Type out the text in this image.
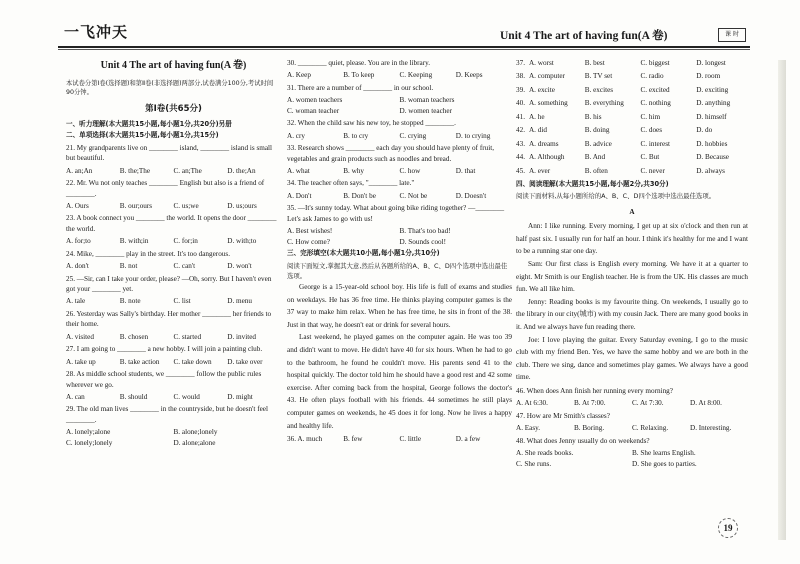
一飞冲天	Unit 4 The art of having fun(A 卷)	课 时
Unit 4 The art of having fun(A 卷)
本试卷分第Ⅰ卷(选择题)和第Ⅱ卷(非选择题)两部分,试卷满分100分,考试时间90分钟。
第Ⅰ卷(共65分)
一、听力理解(本大题共15小题,每小题1分,共20分)另册
二、单项选择(本大题共15小题,每小题1分,共15分)
21. My grandparents live on ________ island, ________ island is small but beautiful.
A. an;An	B. the;The	C. an;The	D. the;An
22. Mr. Wu not only teaches ________ English but also is a friend of ________.
A. Ours	B. our;ours	C. us;we	D. us;ours
23. A book connect you ________ the world. It opens the door ________ the world.
A. for;to	B. with;in	C. for;in	D. with;to
24. Mike, ________ play in the street. It's too dangerous.
A. don't	B. not	C. can't	D. won't
25. —Sir, can I take your order, please? —Oh, sorry. But I haven't even got your ________ yet.
A. tale	B. note	C. list	D. menu
26. Yesterday was Sally's birthday. Her mother ________ her friends to their home.
A. visited	B. chosen	C. started	D. invited
27. I am going to ________ a new hobby. I will join a painting club.
A. take up	B. take action	C. take down	D. take over
28. As middle school students, we ________ follow the public rules wherever we go.
A. can	B. should	C. would	D. might
29. The old man lives ________ in the countryside, but he doesn't feel ________.
A. lonely;alone	B. alone;lonely
C. lonely;lonely	D. alone;alone
30. ________ quiet, please. You are in the library.
A. Keep	B. To keep	C. Keeping	D. Keeps
31. There are a number of ________ in our school.
A. women teachers	B. woman teachers
C. woman teacher	D. women teacher
32. When the child saw his new toy, he stopped ________.
A. cry	B. to cry	C. crying	D. to crying
33. Research shows ________ each day you should have plenty of fruit, vegetables and grain products such as noodles and bread.
A. what	B. why	C. how	D. that
34. The teacher often says, "________ late."
A. Don't	B. Don't be	C. Not be	D. Doesn't
35. —It's sunny today. What about going bike riding together? —________ Let's ask James to go with us!
A. Best wishes!	B. That's too bad!
C. How come?	D. Sounds cool!
三、完形填空(本大题共10小题,每小题1分,共10分)
阅读下面短文,掌握其大意,然后从各题所给的A、B、C、D四个选项中选出最佳选项。
George is a 15-year-old school boy. His life is full of exams and studies on weekdays. He has 36 free time. He thinks playing computer games is the 37 way to make him relax. When he has free time, he sits in front of the 38. Just in that way, he doesn't eat or drink for several hours.
Last weekend, he played games on the computer again. He was too 39 and didn't want to move. He didn't have 40 for six hours. When he had to go to the bathroom, he found he couldn't move. His parents send 41 to the hospital quickly. The doctor told him he should have a good rest and 42 some exercise. After coming back from the hospital, George follows the doctor's 43. He often plays football with his friends. 44 sometimes he still plays computer games on weekends, he 45 does it for long. Now he lives a happy and healthy life.
36. A. much	B. few	C. little	D. a few
37. A. worst	B. best	C. biggest	D. longest
38. A. computer	B. TV set	C. radio	D. room
39. A. excite	B. excites	C. excited	D. exciting
40. A. something	B. everything	C. nothing	D. anything
41. A. he	B. his	C. him	D. himself
42. A. did	B. doing	C. does	D. do
43. A. dreams	B. advice	C. interest	D. hobbies
44. A. Although	B. And	C. But	D. Because
45. A. ever	B. often	C. never	D. always
四、阅读理解(本大题共15小题,每小题2分,共30分)
阅读下面材料,从每小题所给的A、B、C、D四个选项中选出最佳选项。
A
Ann: I like running. Every morning, I get up at six o'clock and then run at half past six. I usually run for half an hour. I think it's healthy for me and I want to be a running star one day.
Sam: Our first class is English every morning. We have it at a quarter to eight. Mr Smith is our English teacher. He is from the UK. His classes are much fun. We all like him.
Jenny: Reading books is my favourite thing. On weekends, I usually go to the library in our city(城市) with my cousin Jack. There are many good books in it. And we always have fun reading there.
Joe: I love playing the guitar. Every Saturday evening, I go to the music club with my friend Ben. Yes, we have the same hobby and we are both in the club. There we sing, dance and sometimes play games. We always have a good time.
46. When does Ann finish her running every morning?
A. At 6:30.	B. At 7:00.	C. At 7:30.	D. At 8:00.
47. How are Mr Smith's classes?
A. Easy.	B. Boring.	C. Relaxing.	D. Interesting.
48. What does Jenny usually do on weekends?
A. She reads books.	B. She learns English.
C. She runs.	D. She goes to parties.
19
